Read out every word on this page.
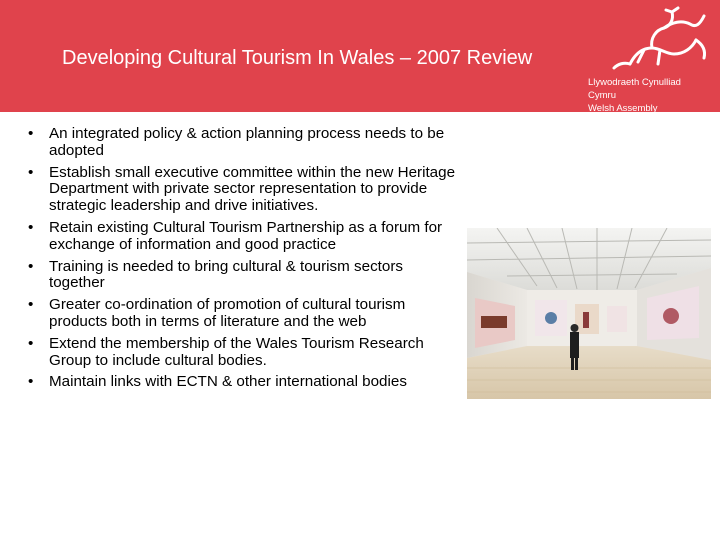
Developing Cultural Tourism In Wales – 2007 Review
Llywodraeth Cynulliad Cymru
Welsh Assembly Government
• An integrated policy & action planning process needs to be adopted
• Establish small executive committee within the new Heritage Department with private sector representation to provide strategic leadership and drive initiatives.
• Retain existing Cultural Tourism Partnership as a forum for exchange of information and good practice
• Training is needed to bring cultural & tourism sectors together
• Greater co-ordination of promotion of cultural tourism products both in terms of literature and the web
• Extend the membership of the Wales Tourism Research Group to include cultural bodies.
• Maintain links with ECTN & other international bodies
